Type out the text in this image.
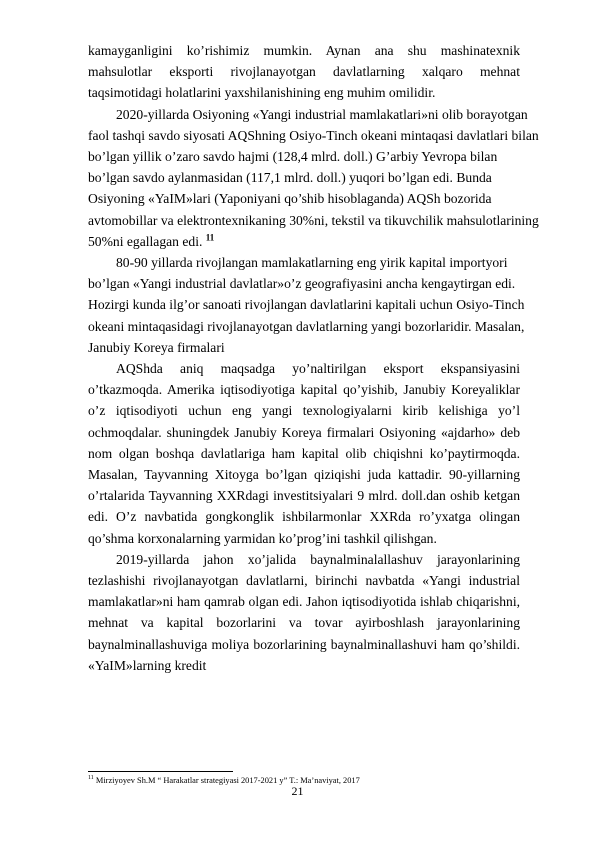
kamayganligini ko’rishimiz mumkin. Aynan ana shu mashinatexnik mahsulotlar eksporti rivojlanayotgan davlatlarning xalqaro mehnat taqsimotidagi holatlarini yaxshilanishining eng muhim omilidir.

2020-yillarda Osiyoning «Yangi industrial mamlakatlari»ni olib borayotgan
faol tashqi savdo siyosati AQShning Osiyo-Tinch okeani mintaqasi davlatlari bilan
bo’lgan yillik o’zaro savdo hajmi (128,4 mlrd. doll.) G’arbiy Yevropa bilan
bo’lgan savdo aylanmasidan (117,1 mlrd. doll.) yuqori bo’lgan edi. Bunda
Osiyoning «YaIM»lari (Yaponiyani qo’shib hisoblaganda) AQSh bozorida
avtomobillar va elektrontexnikaning 30%ni, tekstil va tikuvchilik mahsulotlarining
50%ni egallagan edi. $^{11}$

80-90 yillarda rivojlangan mamlakatlarning eng yirik kapital importyori
bo’lgan «Yangi industrial davlatlar»o’z geografiyasini ancha kengaytirgan edi.
Hozirgi kunda ilg’or sanoati rivojlangan davlatlarini kapitali uchun Osiyo-Tinch
okeani mintaqasidagi rivojlanayotgan davlatlarning yangi bozorlaridir. Masalan,
Janubiy Koreya firmalari

AQShda aniq maqsadga yo’naltirilgan eksport ekspansiyasini o’tkazmoqda. Amerika iqtisodiyotiga kapital qo’yishib, Janubiy Koreyaliklar o’z iqtisodiyoti uchun eng yangi texnologiyalarni kirib kelishiga yo’l ochmoqdalar. shuningdek Janubiy Koreya firmalari Osiyoning «ajdarho» deb nom olgan boshqa davlatlariga ham kapital olib chiqishni ko’paytirmoqda. Masalan, Tayvanning Xitoyga bo’lgan qiziqishi juda kattadir. 90-yillarning o’rtalarida Tayvanning XXRdagi investitsiyalari 9 mlrd. doll.dan oshib ketgan edi. O’z navbatida gongkonglik ishbilarmonlar XXRda ro’yxatga olingan qo’shma korxonalarning yarmidan ko’prog’ini tashkil qilishgan.

2019-yillarda jahon xo’jalida baynalminalallashuv jarayonlarining tezlashishi rivojlanayotgan davlatlarni, birinchi navbatda «Yangi industrial mamlakatlar»ni ham qamrab olgan edi. Jahon iqtisodiyotida ishlab chiqarishni, mehnat va kapital bozorlarini va tovar ayirboshlash jarayonlarining baynalminallashuviga moliya bozorlarining baynalminallashuvi ham qo’shildi. «YaIM»larning kredit

$^{11}$ Mirziyoyev Sh.M “ Harakatlar strategiyasi 2017-2021 y” T.: Ma’naviyat, 2017
21
